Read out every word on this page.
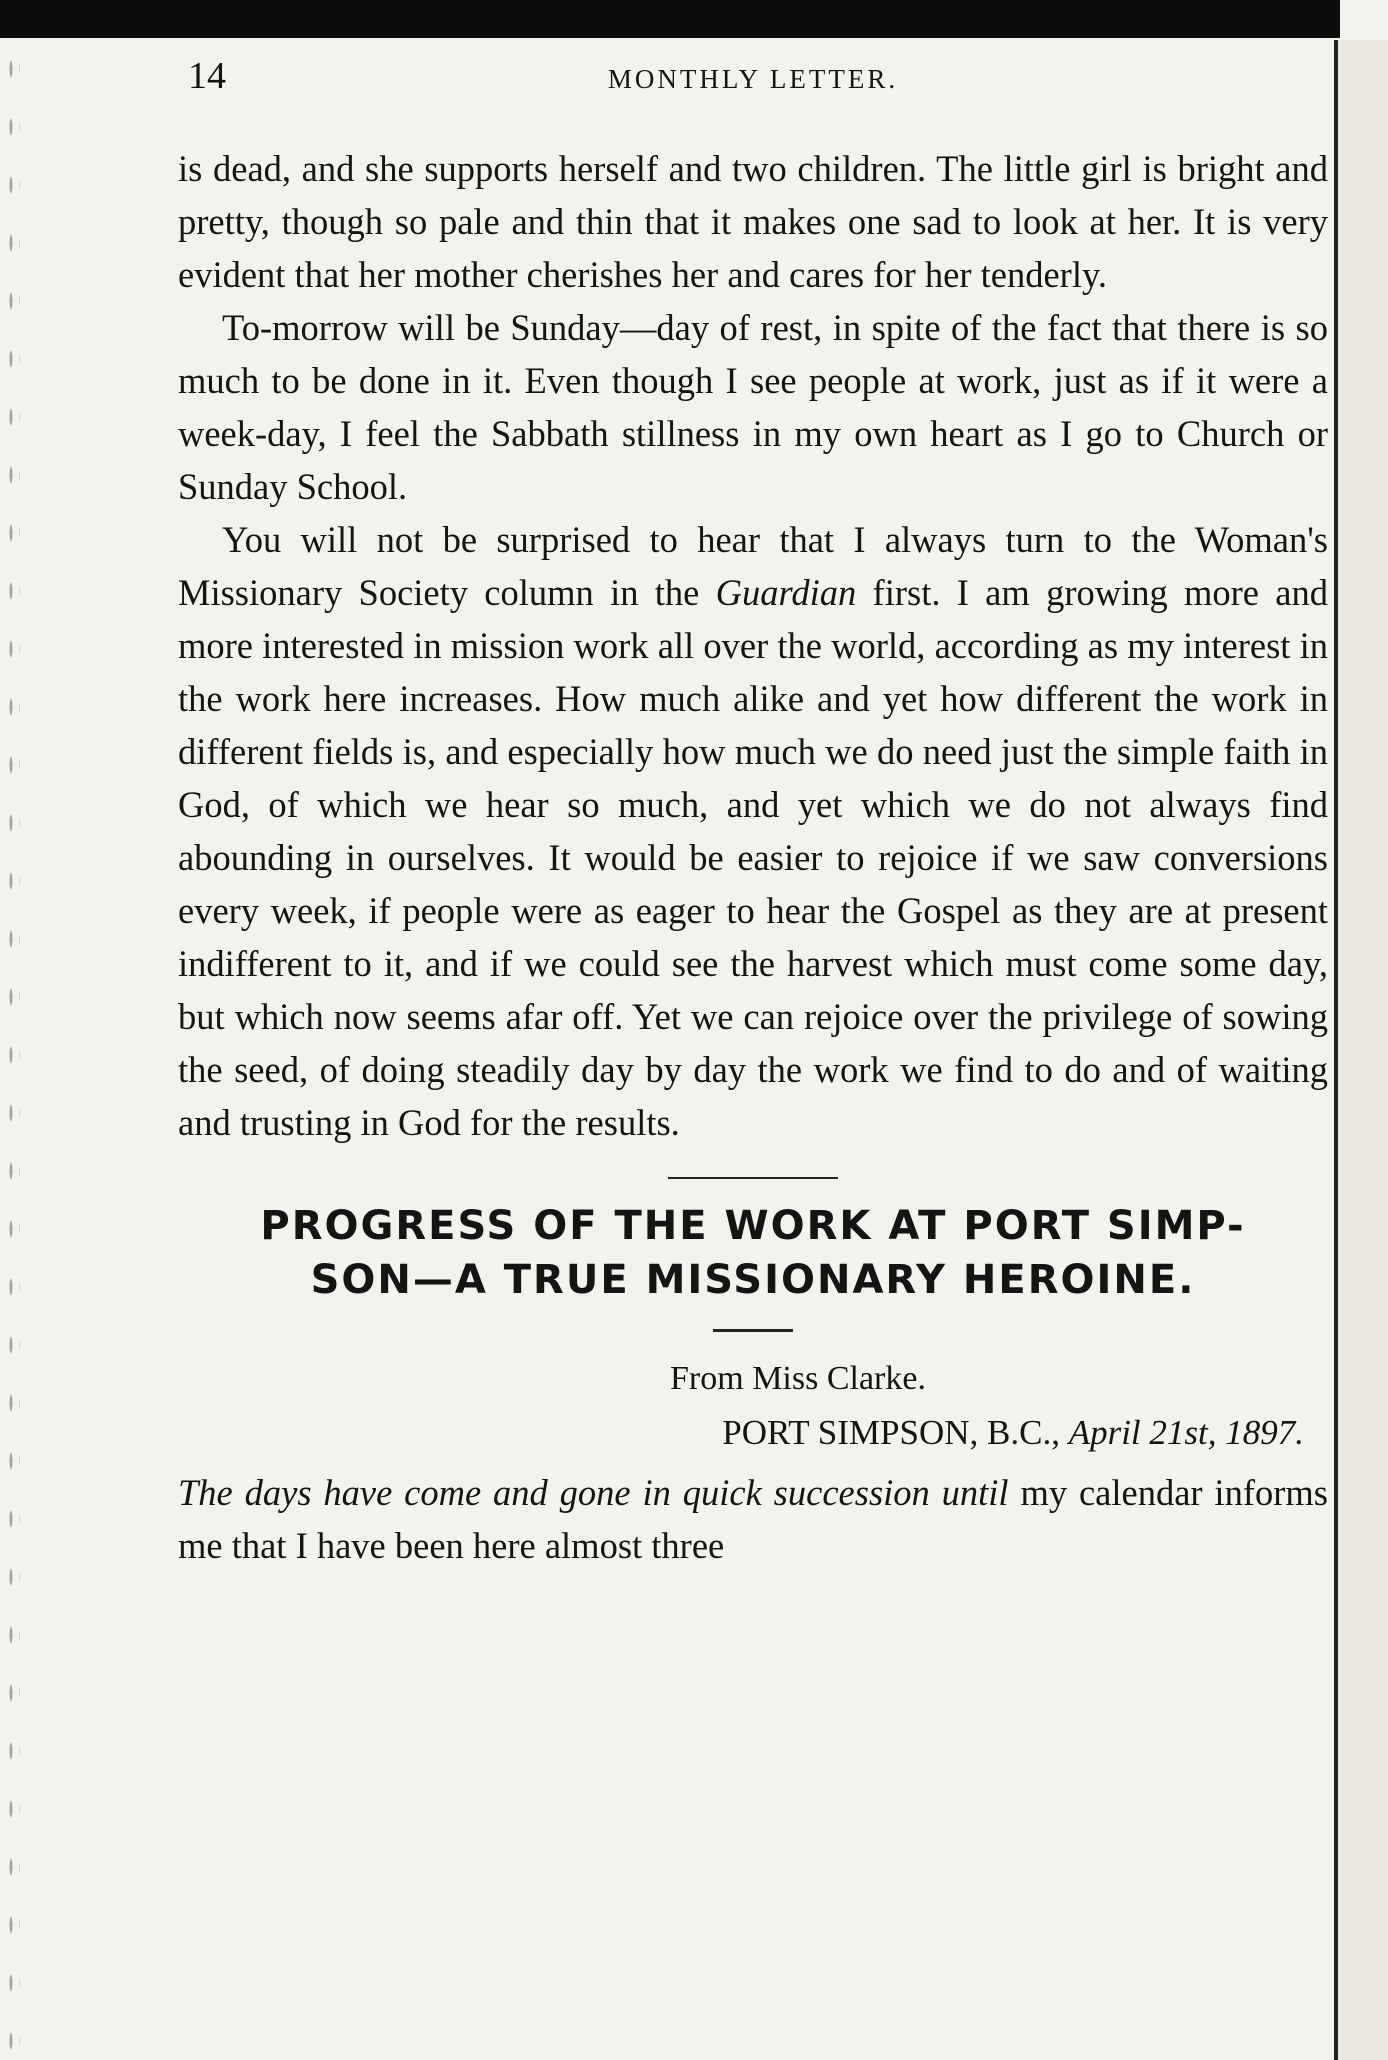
14	MONTHLY LETTER.

is dead, and she supports herself and two children. The little girl is bright and pretty, though so pale and thin that it makes one sad to look at her. It is very evident that her mother cherishes her and cares for her tenderly.

To-morrow will be Sunday—day of rest, in spite of the fact that there is so much to be done in it. Even though I see people at work, just as if it were a week-day, I feel the Sabbath stillness in my own heart as I go to Church or Sunday School.

You will not be surprised to hear that I always turn to the Woman's Missionary Society column in the Guardian first. I am growing more and more interested in mission work all over the world, according as my interest in the work here increases. How much alike and yet how different the work in different fields is, and especially how much we do need just the simple faith in God, of which we hear so much, and yet which we do not always find abounding in ourselves. It would be easier to rejoice if we saw conversions every week, if people were as eager to hear the Gospel as they are at present indifferent to it, and if we could see the harvest which must come some day, but which now seems afar off. Yet we can rejoice over the privilege of sowing the seed, of doing steadily day by day the work we find to do and of waiting and trusting in God for the results.

PROGRESS OF THE WORK AT PORT SIMP-
SON—A TRUE MISSIONARY HEROINE.
From Miss Clarke.
PORT SIMPSON, B.C., April 21st, 1897.

The days have come and gone in quick succession until my calendar informs me that I have been here almost three
